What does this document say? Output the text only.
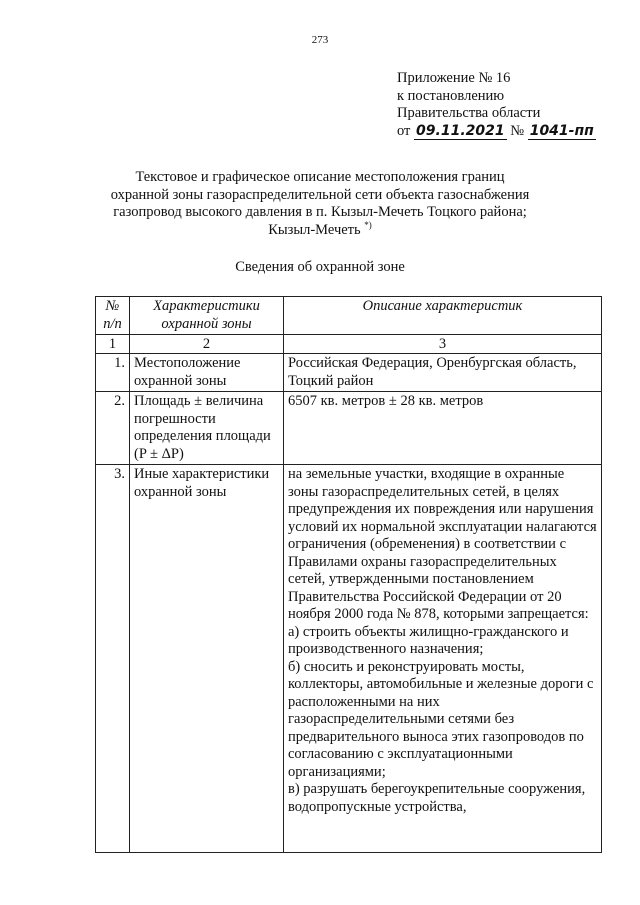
273
Приложение № 16
к постановлению
Правительства области
от 09.11.2021 № 1041-пп
Текстовое и графическое описание местоположения границ
охранной зоны газораспределительной сети объекта газоснабжения
газопровод высокого давления в п. Кызыл-Мечеть Тоцкого района;
Кызыл-Мечеть *)
Сведения об охранной зоне
№
п/п	Характеристики охранной зоны	Описание характеристик
1	2	3
1.	Местоположение охранной зоны	Российская Федерация, Оренбургская область, Тоцкий район
2.	Площадь ± величина погрешности определения площади (P ± ΔP)	6507 кв. метров ± 28 кв. метров
3.	Иные характеристики охранной зоны	на земельные участки, входящие в охранные зоны газораспределительных сетей, в целях предупреждения их повреждения или нарушения условий их нормальной эксплуатации налагаются ограничения (обременения) в соответствии с Правилами охраны газораспределительных сетей, утвержденными постановлением Правительства Российской Федерации от 20 ноября 2000 года № 878, которыми запрещается:
а) строить объекты жилищно-гражданского и производственного назначения;
б) сносить и реконструировать мосты, коллекторы, автомобильные и железные дороги с расположенными на них газораспределительными сетями без предварительного выноса этих газопроводов по согласованию с эксплуатационными организациями;
в) разрушать берегоукрепительные сооружения, водопропускные устройства,
